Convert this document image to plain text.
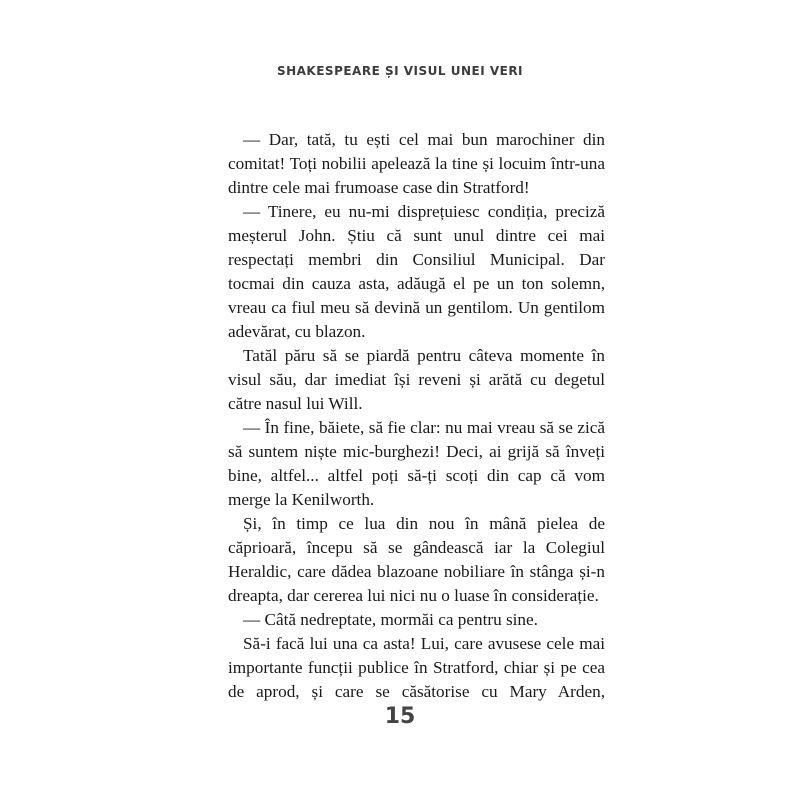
SHAKESPEARE ȘI VISUL UNEI VERI

— Dar, tată, tu ești cel mai bun marochiner din comitat! Toți nobilii apelează la tine și locuim într-una dintre cele mai frumoase case din Stratford!

— Tinere, eu nu-mi disprețuiesc condiția, preciză meșterul John. Știu că sunt unul dintre cei mai respectați membri din Consiliul Municipal. Dar tocmai din cauza asta, adăugă el pe un ton solemn, vreau ca fiul meu să devină un gentilom. Un gentilom adevărat, cu blazon.

Tatăl păru să se piardă pentru câteva momente în visul său, dar imediat își reveni și arătă cu degetul către nasul lui Will.

— În fine, băiete, să fie clar: nu mai vreau să se zică să suntem niște mic-burghezi! Deci, ai grijă să înveți bine, altfel... altfel poți să-ți scoți din cap că vom merge la Kenilworth.

Și, în timp ce lua din nou în mână pielea de căprioară, începu să se gândească iar la Colegiul Heraldic, care dădea blazoane nobiliare în stânga și-n dreapta, dar cererea lui nici nu o luase în considerație.

— Câtă nedreptate, mormăi ca pentru sine.

Să-i facă lui una ca asta! Lui, care avusese cele mai importante funcții publice în Stratford, chiar și pe cea de aprod, și care se căsătorise cu Mary Arden,

15
